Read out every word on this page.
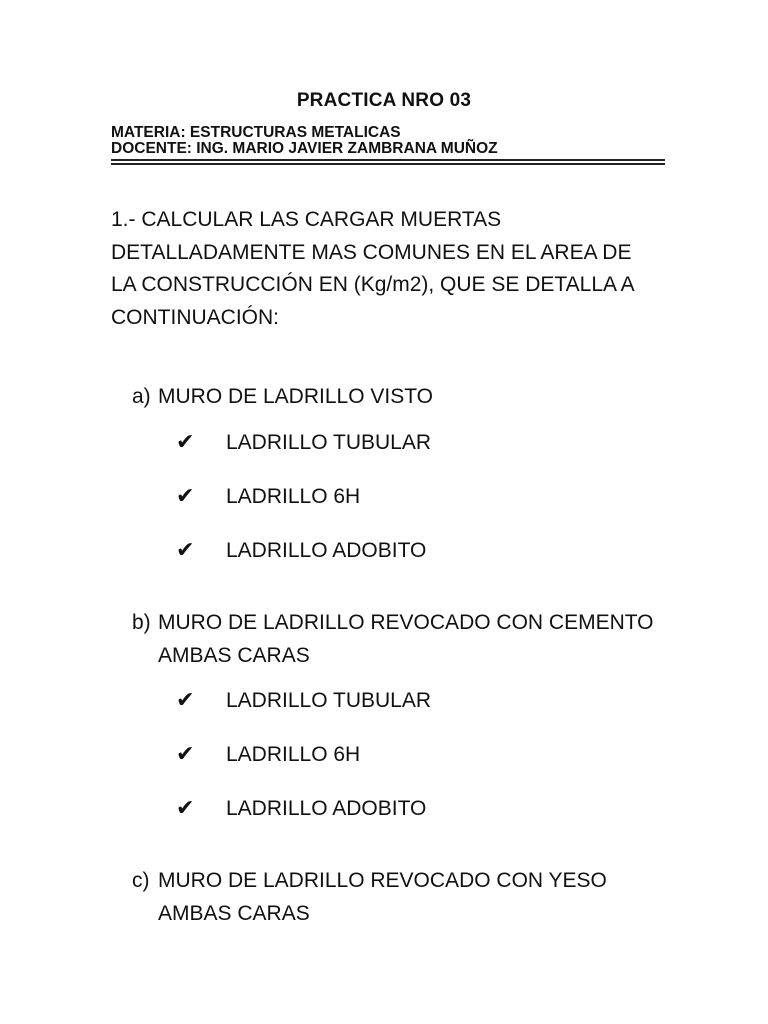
PRACTICA NRO 03
MATERIA: ESTRUCTURAS METALICAS
DOCENTE: ING. MARIO JAVIER ZAMBRANA MUÑOZ
1.- CALCULAR LAS CARGAR MUERTAS
DETALLADAMENTE MAS COMUNES EN EL AREA DE
LA CONSTRUCCIÓN EN (Kg/m2), QUE SE DETALLA A
CONTINUACIÓN:
a) MURO DE LADRILLO VISTO
✔ LADRILLO TUBULAR
✔ LADRILLO 6H
✔ LADRILLO ADOBITO
b) MURO DE LADRILLO REVOCADO CON CEMENTO
AMBAS CARAS
✔ LADRILLO TUBULAR
✔ LADRILLO 6H
✔ LADRILLO ADOBITO
c) MURO DE LADRILLO REVOCADO CON YESO
AMBAS CARAS
